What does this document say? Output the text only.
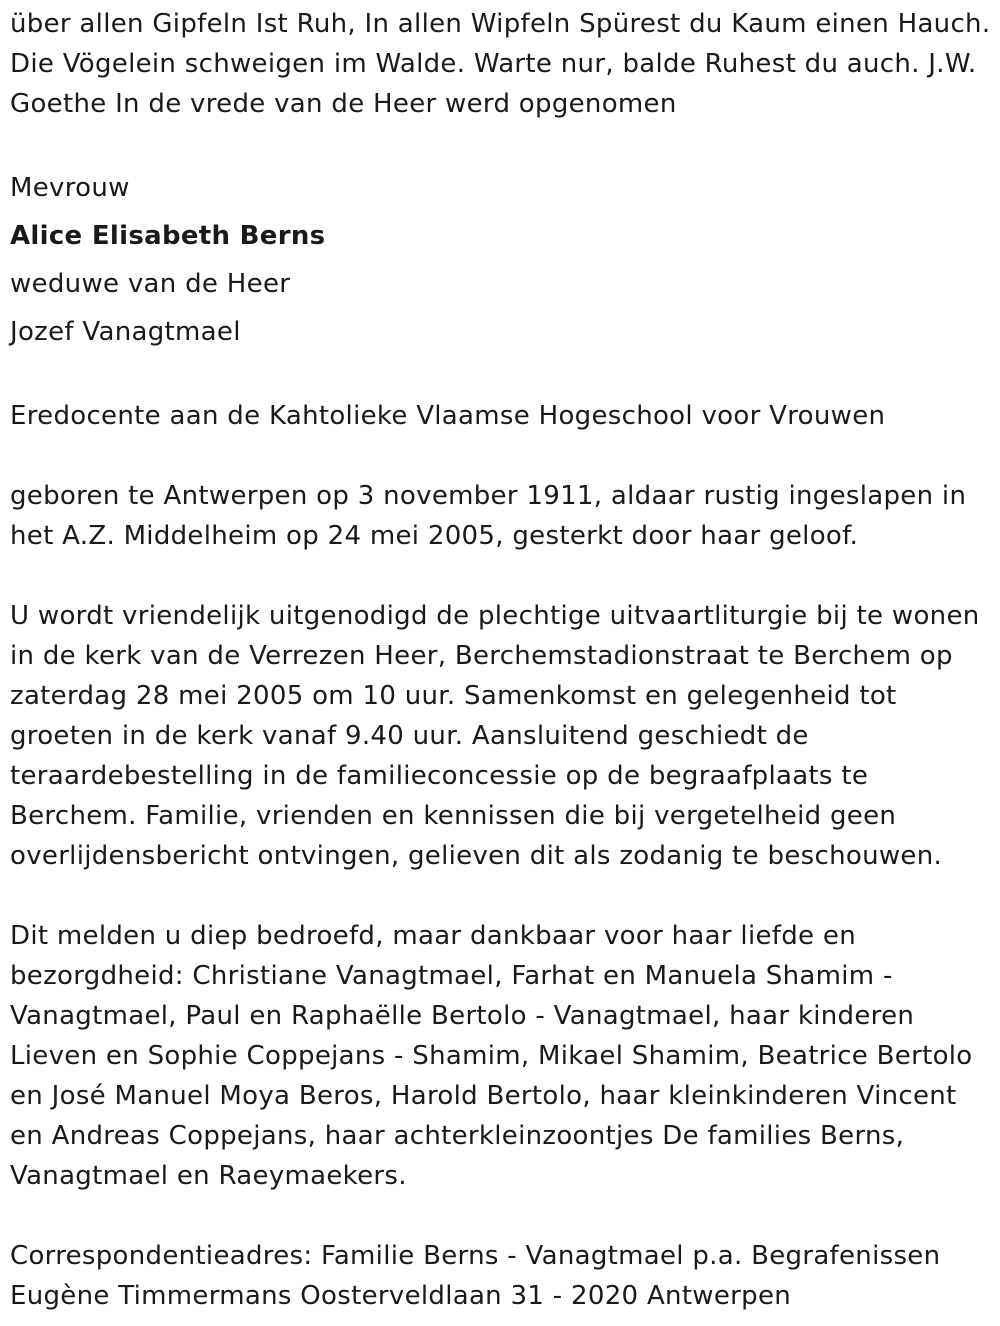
über allen Gipfeln Ist Ruh, In allen Wipfeln Spürest du Kaum einen Hauch. Die Vögelein schweigen im Walde. Warte nur, balde Ruhest du auch. J.W. Goethe In de vrede van de Heer werd opgenomen

Mevrouw

Alice Elisabeth Berns

weduwe van de Heer

Jozef Vanagtmael

Eredocente aan de Kahtolieke Vlaamse Hogeschool voor Vrouwen

geboren te Antwerpen op 3 november 1911, aldaar rustig ingeslapen in het A.Z. Middelheim op 24 mei 2005, gesterkt door haar geloof.

U wordt vriendelijk uitgenodigd de plechtige uitvaartliturgie bij te wonen in de kerk van de Verrezen Heer, Berchemstadionstraat te Berchem op zaterdag 28 mei 2005 om 10 uur. Samenkomst en gelegenheid tot groeten in de kerk vanaf 9.40 uur. Aansluitend geschiedt de teraardebestelling in de familieconcessie op de begraafplaats te Berchem. Familie, vrienden en kennissen die bij vergetelheid geen overlijdensbericht ontvingen, gelieven dit als zodanig te beschouwen.

Dit melden u diep bedroefd, maar dankbaar voor haar liefde en bezorgdheid: Christiane Vanagtmael, Farhat en Manuela Shamim - Vanagtmael, Paul en Raphaëlle Bertolo - Vanagtmael, haar kinderen Lieven en Sophie Coppejans - Shamim, Mikael Shamim, Beatrice Bertolo en José Manuel Moya Beros, Harold Bertolo, haar kleinkinderen Vincent en Andreas Coppejans, haar achterkleinzoontjes De families Berns, Vanagtmael en Raeymaekers.

Correspondentieadres: Familie Berns - Vanagtmael p.a. Begrafenissen Eugène Timmermans Oosterveldlaan 31 - 2020 Antwerpen
